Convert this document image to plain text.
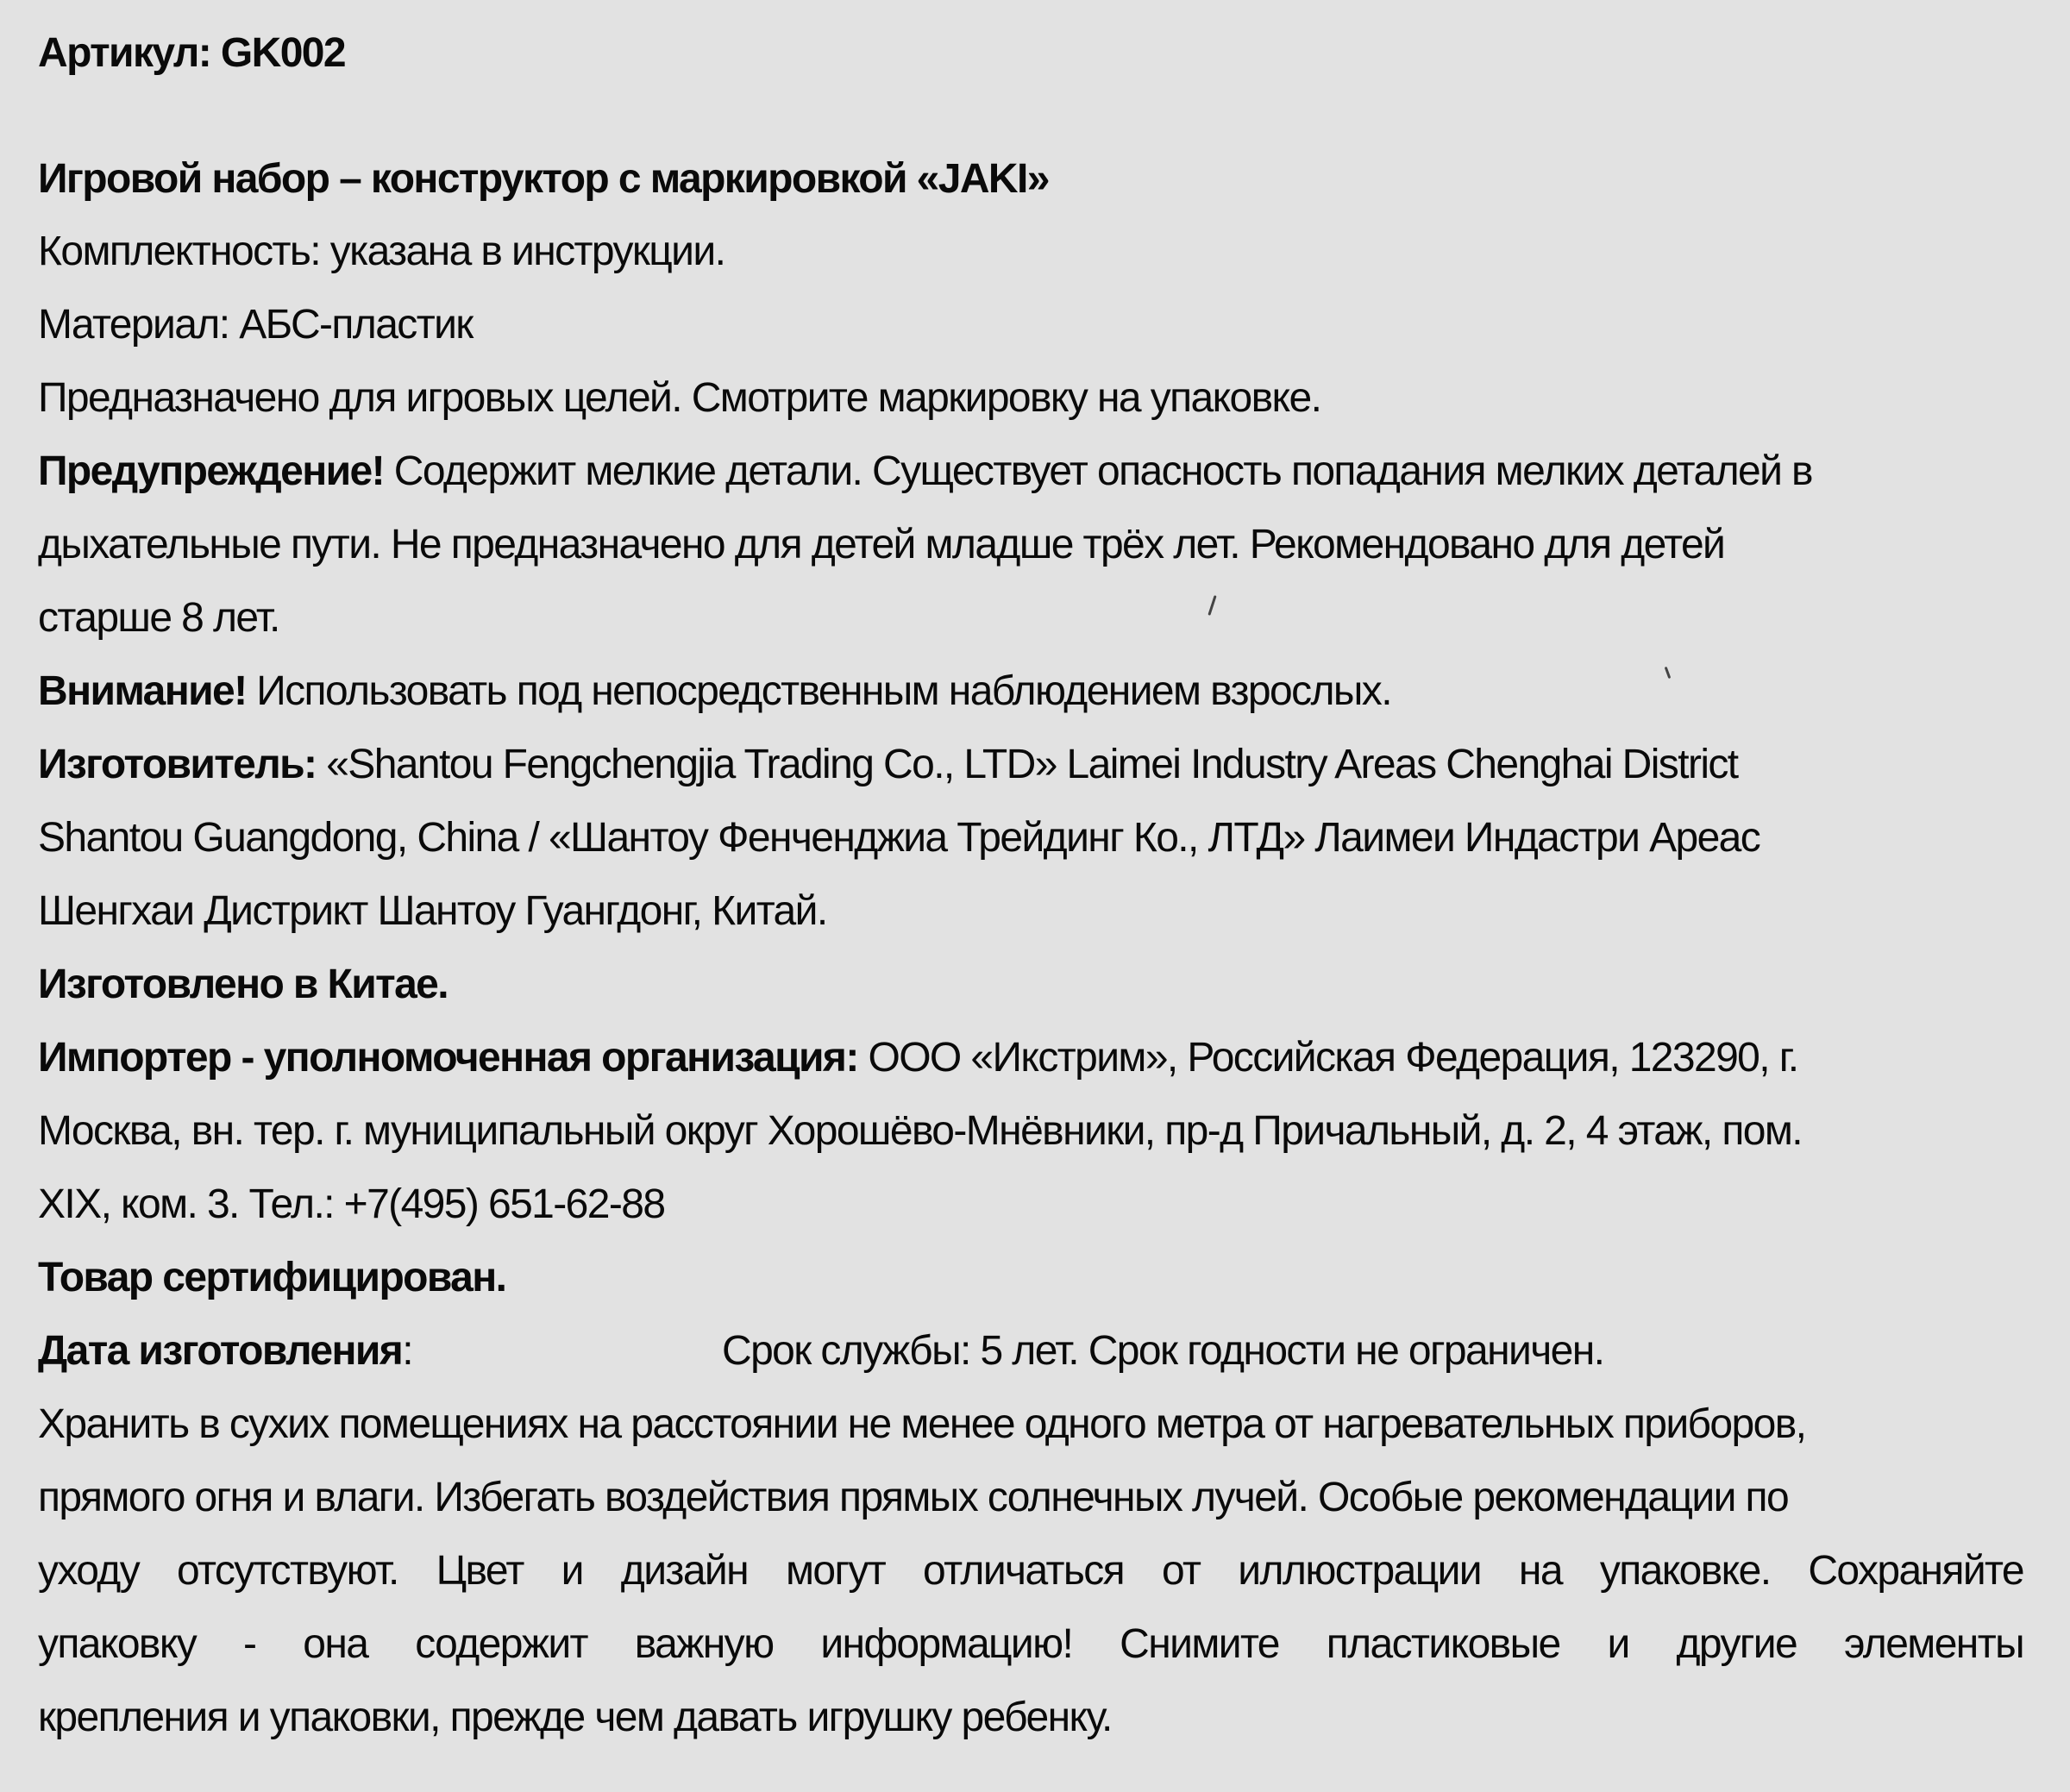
Артикул: GK002
Игровой набор – конструктор с маркировкой «JAKI»
Комплектность: указана в инструкции.
Материал: АБС-пластик
Предназначено для игровых целей. Смотрите маркировку на упаковке.
Предупреждение! Содержит мелкие детали. Существует опасность попадания мелких деталей в
дыхательные пути. Не предназначено для детей младше трёх лет. Рекомендовано для детей
старше 8 лет.
Внимание! Использовать под непосредственным наблюдением взрослых.
Изготовитель: «Shantou Fengchengjia Trading Co., LTD» Laimei Industry Areas Chenghai District
Shantou Guangdong, China / «Шантоу Фенченджиа Трейдинг Ко., ЛТД» Лаимеи Индастри Ареас
Шенгхаи Дистрикт Шантоу Гуангдонг, Китай.
Изготовлено в Китае.
Импортер - уполномоченная организация: ООО «Икстрим», Российская Федерация, 123290, г.
Москва, вн. тер. г. муниципальный округ Хорошёво-Мнёвники, пр-д Причальный, д. 2, 4 этаж, пом.
XIX, ком. 3. Тел.: +7(495) 651-62-88
Товар сертифицирован.
Дата изготовления:	Срок службы: 5 лет. Срок годности не ограничен.
Хранить в сухих помещениях на расстоянии не менее одного метра от нагревательных приборов,
прямого огня и влаги. Избегать воздействия прямых солнечных лучей. Особые рекомендации по
уходу отсутствуют. Цвет и дизайн могут отличаться от иллюстрации на упаковке. Сохраняйте
упаковку - она содержит важную информацию! Снимите пластиковые и другие элементы
крепления и упаковки, прежде чем давать игрушку ребенку.
